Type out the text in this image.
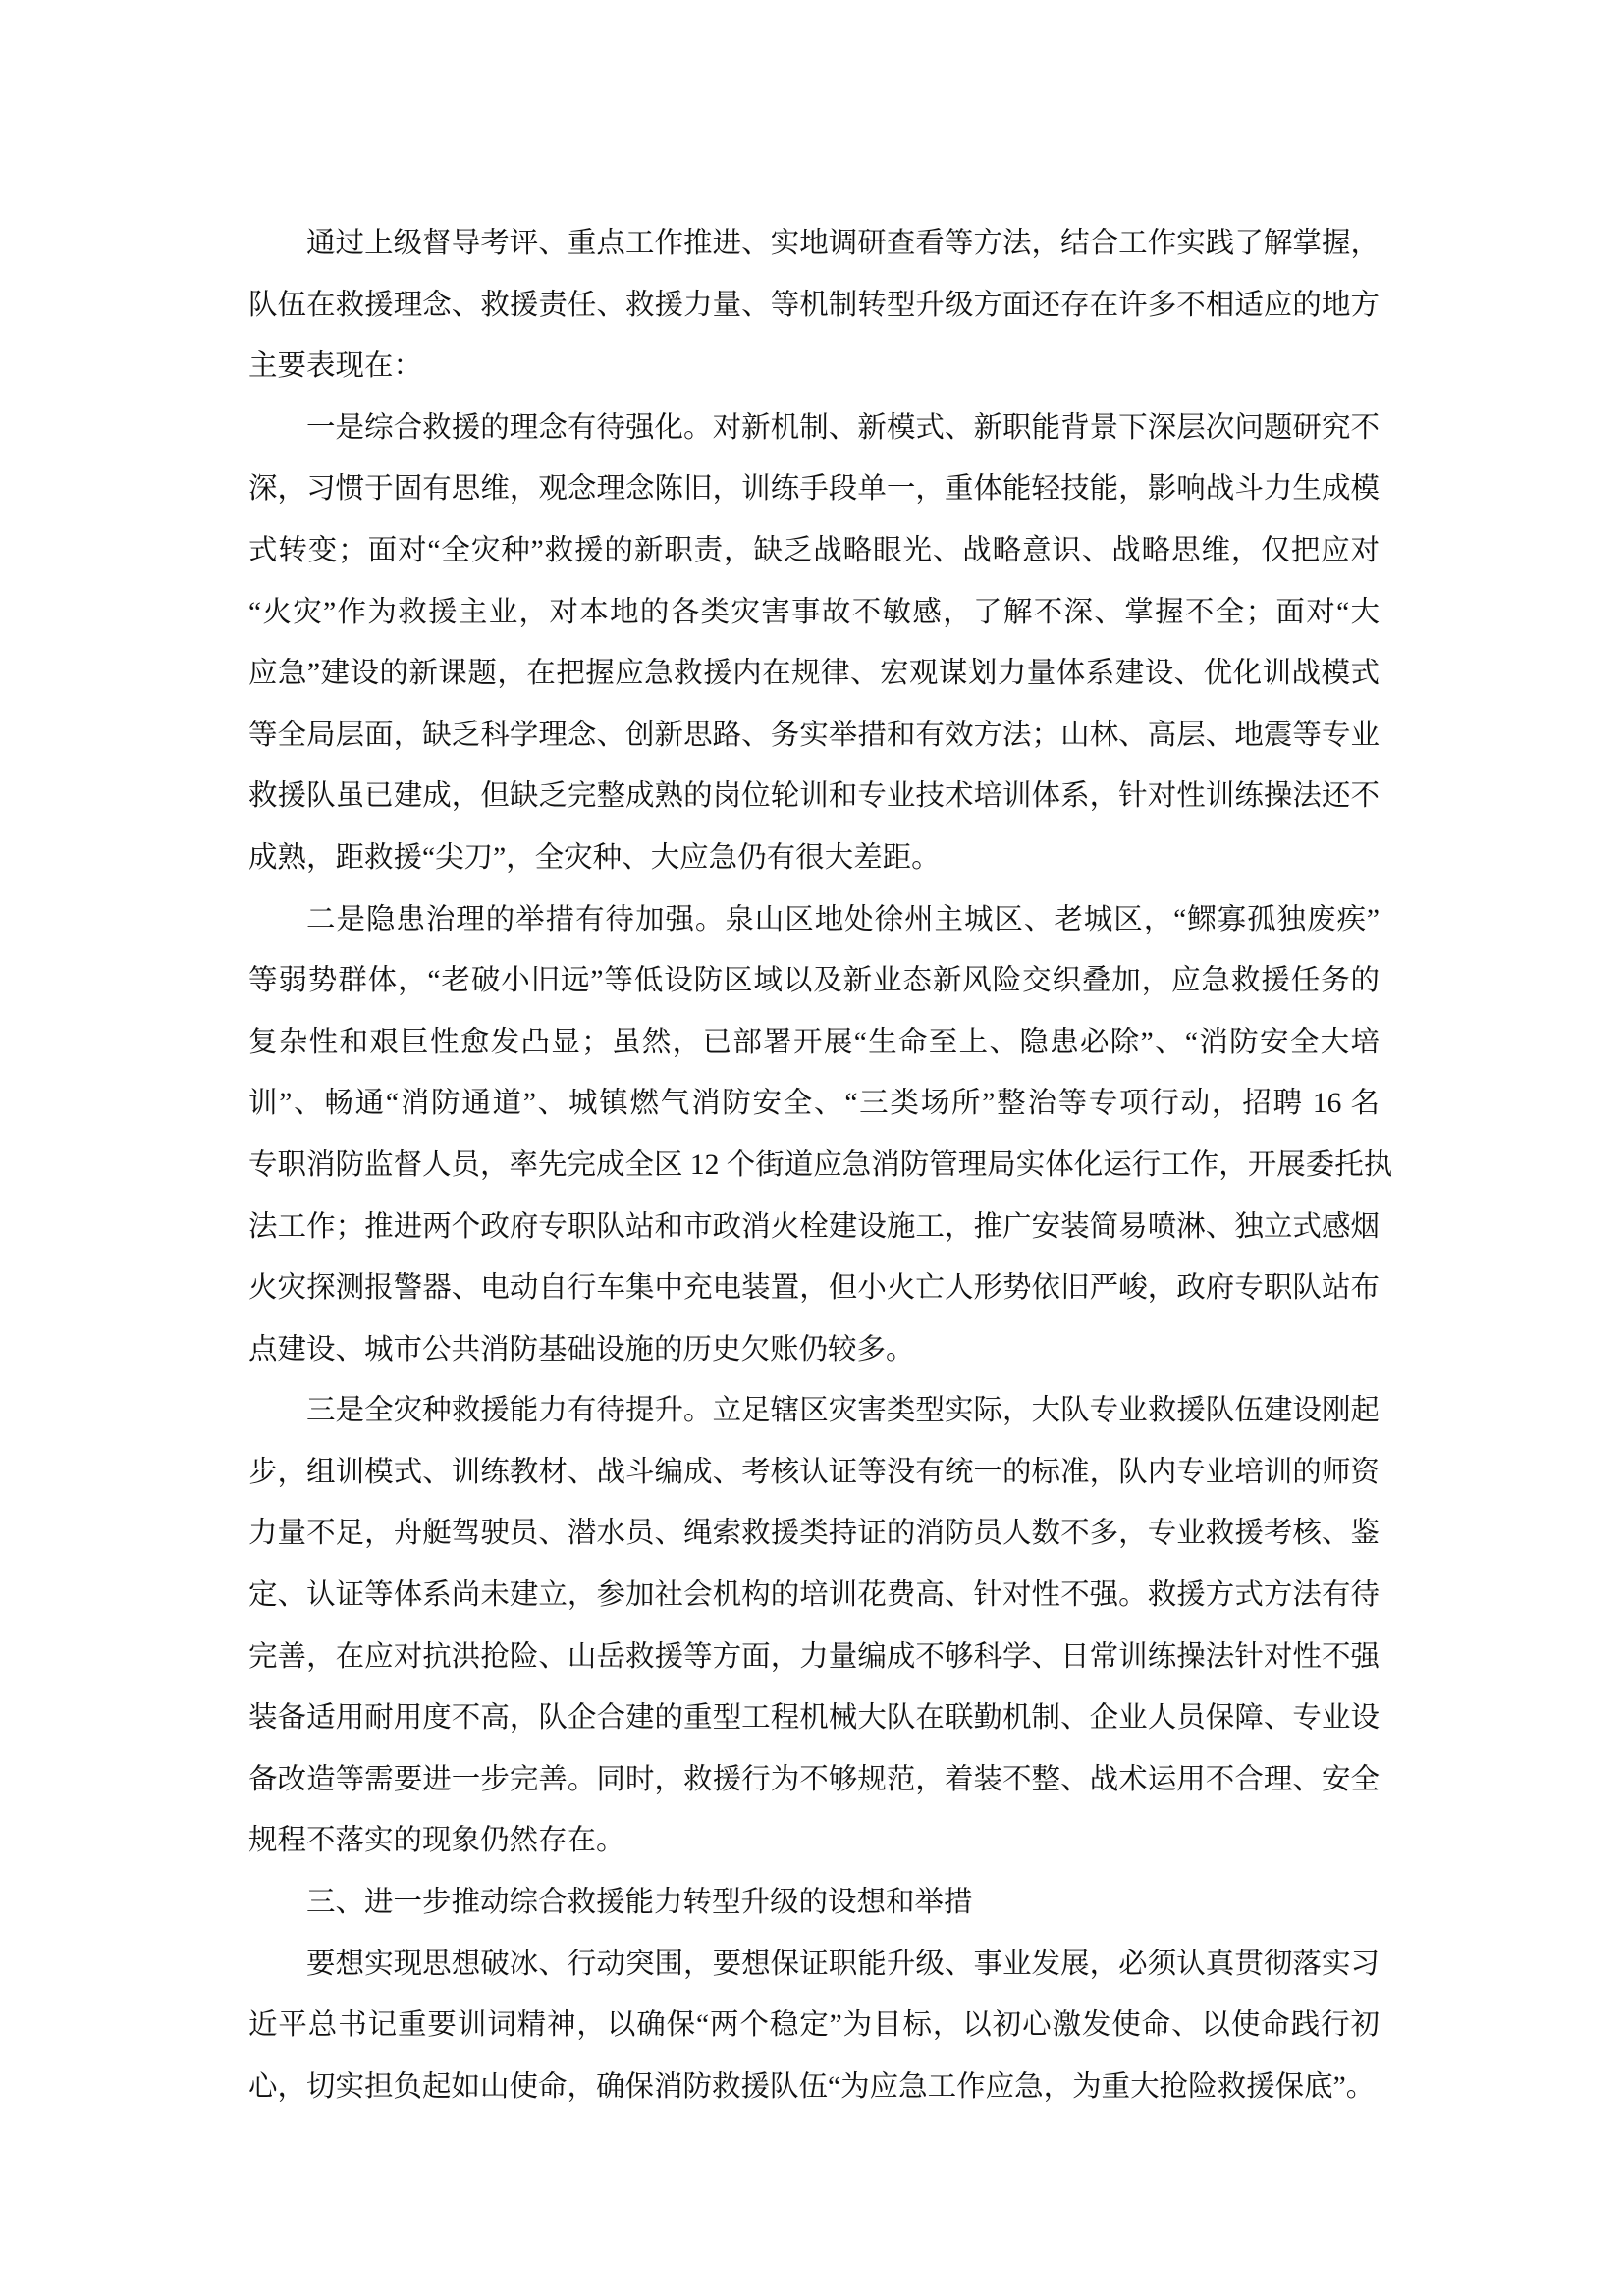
通过上级督导考评、重点工作推进、实地调研查看等方法，结合工作实践了解掌握，
队伍在救援理念、救援责任、救援力量、等机制转型升级方面还存在许多不相适应的地方
主要表现在：
一是综合救援的理念有待强化。对新机制、新模式、新职能背景下深层次问题研究不
深，习惯于固有思维，观念理念陈旧，训练手段单一，重体能轻技能，影响战斗力生成模
式转变；面对“全灾种”救援的新职责，缺乏战略眼光、战略意识、战略思维，仅把应对
“火灾”作为救援主业，对本地的各类灾害事故不敏感，了解不深、掌握不全；面对“大
应急”建设的新课题，在把握应急救援内在规律、宏观谋划力量体系建设、优化训战模式
等全局层面，缺乏科学理念、创新思路、务实举措和有效方法；山林、高层、地震等专业
救援队虽已建成，但缺乏完整成熟的岗位轮训和专业技术培训体系，针对性训练操法还不
成熟，距救援“尖刀”，全灾种、大应急仍有很大差距。
二是隐患治理的举措有待加强。泉山区地处徐州主城区、老城区，“鳏寡孤独废疾”
等弱势群体，“老破小旧远”等低设防区域以及新业态新风险交织叠加，应急救援任务的
复杂性和艰巨性愈发凸显；虽然，已部署开展“生命至上、隐患必除”、“消防安全大培
训”、畅通“消防通道”、城镇燃气消防安全、“三类场所”整治等专项行动，招聘 16 名
专职消防监督人员，率先完成全区 12 个街道应急消防管理局实体化运行工作，开展委托执
法工作；推进两个政府专职队站和市政消火栓建设施工，推广安装简易喷淋、独立式感烟
火灾探测报警器、电动自行车集中充电装置，但小火亡人形势依旧严峻，政府专职队站布
点建设、城市公共消防基础设施的历史欠账仍较多。
三是全灾种救援能力有待提升。立足辖区灾害类型实际，大队专业救援队伍建设刚起
步，组训模式、训练教材、战斗编成、考核认证等没有统一的标准，队内专业培训的师资
力量不足，舟艇驾驶员、潜水员、绳索救援类持证的消防员人数不多，专业救援考核、鉴
定、认证等体系尚未建立，参加社会机构的培训花费高、针对性不强。救援方式方法有待
完善，在应对抗洪抢险、山岳救援等方面，力量编成不够科学、日常训练操法针对性不强
装备适用耐用度不高，队企合建的重型工程机械大队在联勤机制、企业人员保障、专业设
备改造等需要进一步完善。同时，救援行为不够规范，着装不整、战术运用不合理、安全
规程不落实的现象仍然存在。
三、进一步推动综合救援能力转型升级的设想和举措
要想实现思想破冰、行动突围，要想保证职能升级、事业发展，必须认真贯彻落实习
近平总书记重要训词精神，以确保“两个稳定”为目标，以初心激发使命、以使命践行初
心，切实担负起如山使命，确保消防救援队伍“为应急工作应急，为重大抢险救援保底”。
